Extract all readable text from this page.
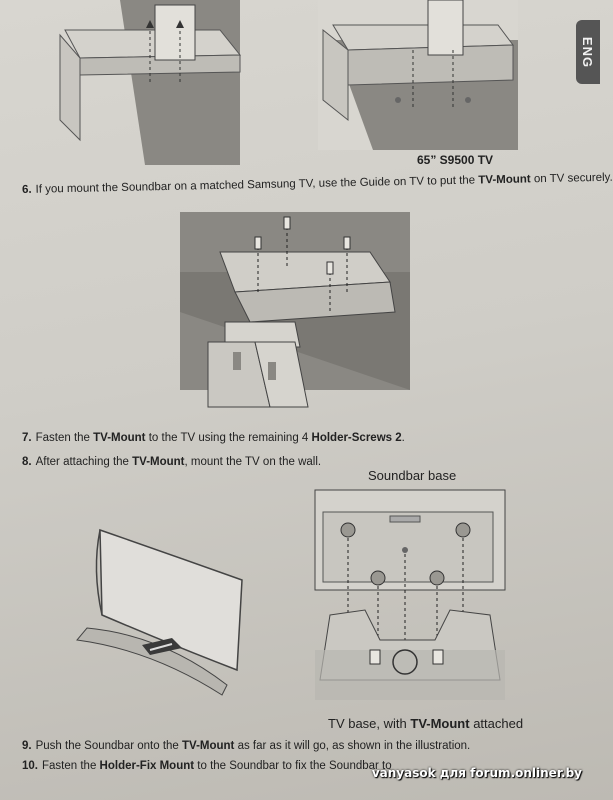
65” S9500 TV
ENG
6. If you mount the Soundbar on a matched Samsung TV, use the Guide on TV to put the TV-Mount on TV securely.
7. Fasten the TV-Mount to the TV using the remaining 4 Holder-Screws 2.
8. After attaching the TV-Mount, mount the TV on the wall.
Soundbar base
TV base, with TV-Mount attached
9. Push the Soundbar onto the TV-Mount as far as it will go, as shown in the illustration.
10. Fasten the Holder-Fix Mount to the Soundbar to fix the Soundbar to
vanyasok для forum.onliner.by
